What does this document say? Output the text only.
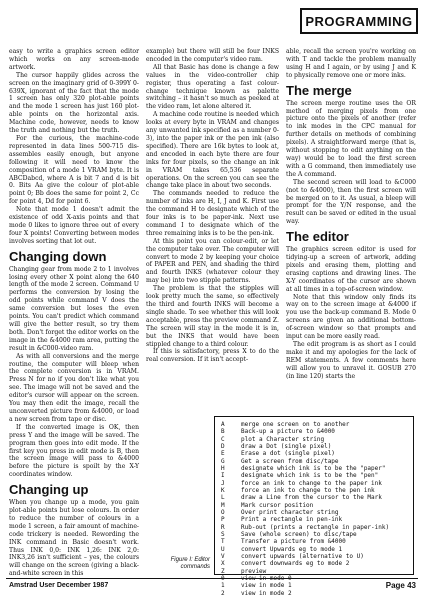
PROGRAMMING

easy to write a graphics screen editor which works on any screen-mode artwork.

The cursor happily glides across the screen on the imaginary grid of 0-399Y 0-639X, ignorant of the fact that the mode 1 screen has only 320 plot-able points and the mode 1 screen has just 160 plot-able points on the horizontal axis. Machine code, however, needs to know the truth and nothing but the truth.

For the curious, the machine-code represented in data lines 500-715 dis-assembles easily enough, but anyone following it will need to know the composition of a mode 1 VRAM byte. It is ABCDabcd, where A is bit 7 and d is bit 0. Bits Aa give the colour of plot-able point 0; Bb does the same for point 2, Cc for point 4, Dd for point 6.

Note that mode 1 doesn't admit the existence of odd X-axis points and that mode 0 likes to ignore three out of every four X points! Converting between modes involves sorting that lot out.

Changing down

Changing gear from mode 2 to 1 involves losing every other X point along the 640 length of the mode 2 screen. Command U performs the conversion by losing the odd points while command V does the same conversion but loses the even points. You can't predict which command will give the better result, so try them both. Don't forget the editor works on the image in the &4000 ram area, putting the result in &C000-video ram.

As with all conversions and the merge routine, the computer will bleep when the complete conversion is in VRAM. Press N for no if you don't like what you see. The image will not be saved and the editor's cursor will appear on the screen. You may then edit the image, recall the unconverted picture from &4000, or load a new screen from tape or disc.

If the converted image is OK, then press Y and the image will be saved. The program then goes into edit mode. If the first key you press in edit mode is B, then the screen image will pass to &4000 before the picture is spoilt by the X-Y coordinates window.

Changing up

When you change up a mode, you gain plot-able points but lose colours. In order to reduce the number of colours in a mode 1 screen, a fair amount of machine-code trickery is needed. Rewording the INK command in Basic doesn't work. Thus INK 0,0: INK 1,26: INK 2,0: INK3,26 isn't sufficient – yes, the colours will change on the screen (giving a black-and-white screen in this

example) but there will still be four INKS encoded in the computer's video ram.

All that Basic has done is change a few values in the video-controller chip register, thus operating a fast colour-change technique known as palette switching – it hasn't so much as peeked at the video ram, let alone altered it.

A machine code routine is needed which looks at every byte in VRAM and changes any unwanted ink specified as a number 0-3), into the paper ink or the pen ink (also specified). There are 16k bytes to look at, and encoded in each byte there are four inks for four pixels, so the change an ink in VRAM takes 65,536 separate operations. On the screen you can see the change take place in about two seconds.

The commands needed to reduce the number of inks are H, I, J and K. First use the command H to designate which of the four inks is to be paper-ink. Next use command I to designate which of the three remaining inks is to be the pen-ink.

At this point you can colour-edit, or let the computer take over. The computer will convert to mode 2 by keeping your choice of PAPER and PEN, and shading the third and fourth INKS (whatever colour they may be) into two stipple patterns.

The problem is that the stipples will look pretty much the same, so effectively the third and fourth INKS will become a single shade. To see whether this will look acceptable, press the preview command Z. The screen will stay in the mode it is in, but the INKS that would have been stippled change to a third colour.

If this is satisfactory, press X to do the real conversion. If it isn't accept-

able, recall the screen you're working on with T and tackle the problem manually using H and I again, or by using J and K to physically remove one or more inks.

The merge

The screen merge routine uses the OR method of merging pixels from one picture onto the pixels of another (refer to ink modes in the CPC manual for further details on methods of combining pixels). A straightforward merge (that is, without stopping to edit anything on the way) would be to load the first screen with a G command, then immediately use the A command.

The second screen will load to &C000 (not to &4000), then the first screen will be merged on to it. As usual, a bleep will prompt for the Y/N response, and the result can be saved or edited in the usual way.

The editor

The graphics screen editor is used for tidying-up a screen of artwork, adding pixels and erasing them, plotting and erasing captions and drawing lines. The X-Y coordinates of the cursor are shown at all times in a top-of-screen window.

Note that this window only finds its way on to the screen image at &4000 if you use the back-up command B. Mode 0 screens are given an additional bottom-of-screen window so that prompts and input can be more easily read.

The edit program is as short as I could make it and my apologies for the lack of REM statements. A few comments here will allow you to unravel it. GOSUB 270 (in line 120) starts the

A	merge one screen on to another
B	Back-up a picture to &4000
C	plot a Character string
D	draw a Dot (single pixel)
E	Erase a dot (single pixel)
G	Get a screen from disc/tape
H	designate which ink is to be the "paper"
I	designate which ink is to be the "pen"
J	force an ink to change to the paper ink
K	force an ink to change to the pen ink
L	draw a Line from the cursor to the Mark
M	Mark cursor position
O	Over print character string
P	Print a rectangle in pen-ink
R	Rub-out (prints a rectangle in paper-ink)
S	Save (whole screen) to disc/tape
T	Transfer a picture from &4000
U	convert Upwards eg to mode 1
V	convert upwards (alternative to U)
X	convert downwards eg to mode 2
Z	preview
1	view in mode 1
2	view in mode 2
Figure I: Editor commands
Amstrad User December 1987	Page 43
